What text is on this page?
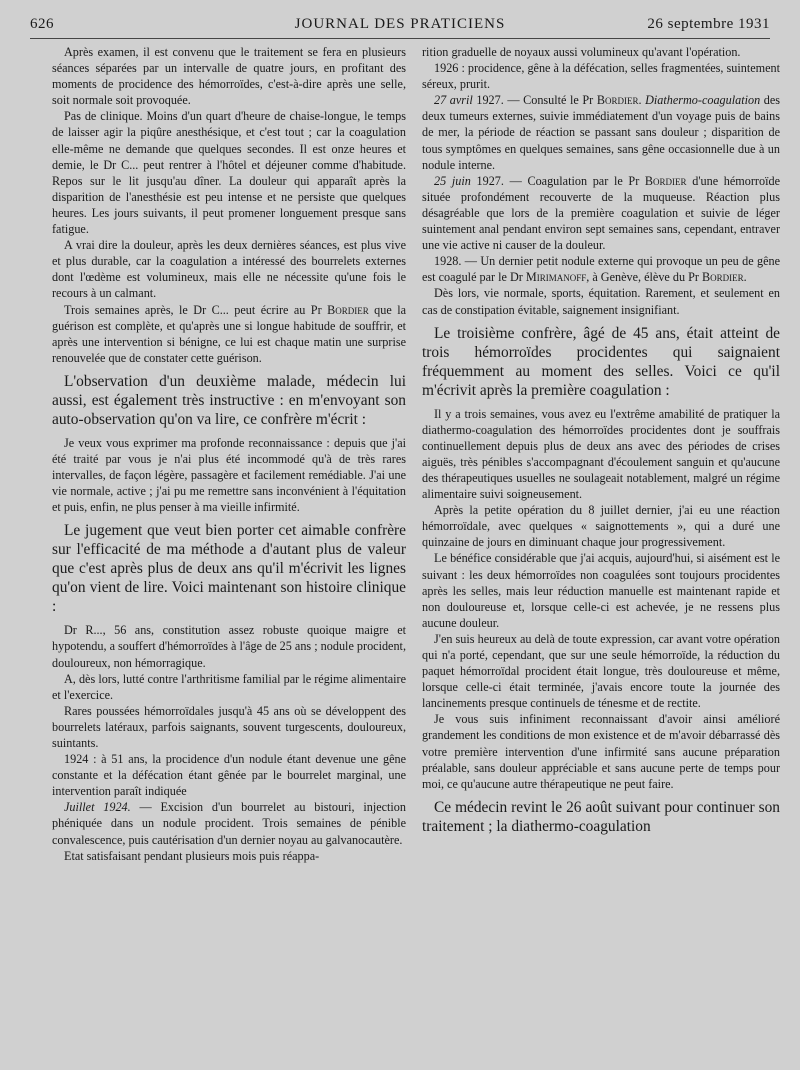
626	JOURNAL DES PRATICIENS	26 septembre 1931

Après examen, il est convenu que le traitement se fera en plusieurs séances séparées par un intervalle de quatre jours, en profitant des moments de procidence des hémorroïdes, c'est-à-dire après une selle, soit normale soit provoquée.

Pas de clinique. Moins d'un quart d'heure de chaise-longue, le temps de laisser agir la piqûre anesthésique, et c'est tout ; car la coagulation elle-même ne demande que quelques secondes. Il est onze heures et demie, le Dr C... peut rentrer à l'hôtel et déjeuner comme d'habitude. Repos sur le lit jusqu'au dîner. La douleur qui apparaît après la disparition de l'anesthésie est peu intense et ne persiste que quelques heures. Les jours suivants, il peut promener longuement presque sans fatigue.

A vrai dire la douleur, après les deux dernières séances, est plus vive et plus durable, car la coagulation a intéressé des bourrelets externes dont l'œdème est volumineux, mais elle ne nécessite qu'une fois le recours à un calmant.

Trois semaines après, le Dr C... peut écrire au Pr Bordier que la guérison est complète, et qu'après une si longue habitude de souffrir, et après une intervention si bénigne, ce lui est chaque matin une surprise renouvelée que de constater cette guérison.

L'observation d'un deuxième malade, médecin lui aussi, est également très instructive : en m'envoyant son auto-observation qu'on va lire, ce confrère m'écrit :

Je veux vous exprimer ma profonde reconnaissance : depuis que j'ai été traité par vous je n'ai plus été incommodé qu'à de très rares intervalles, de façon légère, passagère et facilement remédiable. J'ai une vie normale, active ; j'ai pu me remettre sans inconvénient à l'équitation et puis, enfin, ne plus penser à ma vieille infirmité.

Le jugement que veut bien porter cet aimable confrère sur l'efficacité de ma méthode a d'autant plus de valeur que c'est après plus de deux ans qu'il m'écrivit les lignes qu'on vient de lire. Voici maintenant son histoire clinique :

Dr R..., 56 ans, constitution assez robuste quoique maigre et hypotendu, a souffert d'hémorroïdes à l'âge de 25 ans ; nodule procident, douloureux, non hémorragique.

A, dès lors, lutté contre l'arthritisme familial par le régime alimentaire et l'exercice.

Rares poussées hémorroïdales jusqu'à 45 ans où se développent des bourrelets latéraux, parfois saignants, souvent turgescents, douloureux, suintants.

1924 : à 51 ans, la procidence d'un nodule étant devenue une gêne constante et la défécation étant gênée par le bourrelet marginal, une intervention paraît indiquée

Juillet 1924. — Excision d'un bourrelet au bistouri, injection phéniquée dans un nodule procident. Trois semaines de pénible convalescence, puis cautérisation d'un dernier noyau au galvanocautère.

Etat satisfaisant pendant plusieurs mois puis réappa-

rition graduelle de noyaux aussi volumineux qu'avant l'opération.

1926 : procidence, gêne à la défécation, selles fragmentées, suintement séreux, prurit.

27 avril 1927. — Consulté le Pr Bordier. Diathermo-coagulation des deux tumeurs externes, suivie immédiatement d'un voyage puis de bains de mer, la période de réaction se passant sans douleur ; disparition de tous symptômes en quelques semaines, sans gêne occasionnelle due à un nodule interne.

25 juin 1927. — Coagulation par le Pr Bordier d'une hémorroïde située profondément recouverte de la muqueuse. Réaction plus désagréable que lors de la première coagulation et suivie de léger suintement anal pendant environ sept semaines sans, cependant, entraver une vie active ni causer de la douleur.

1928. — Un dernier petit nodule externe qui provoque un peu de gêne est coagulé par le Dr Mirimanoff, à Genève, élève du Pr Bordier.

Dès lors, vie normale, sports, équitation. Rarement, et seulement en cas de constipation évitable, saignement insignifiant.

Le troisième confrère, âgé de 45 ans, était atteint de trois hémorroïdes procidentes qui saignaient fréquemment au moment des selles. Voici ce qu'il m'écrivit après la première coagulation :

Il y a trois semaines, vous avez eu l'extrême amabilité de pratiquer la diathermo-coagulation des hémorroïdes procidentes dont je souffrais continuellement depuis plus de deux ans avec des périodes de crises aiguës, très pénibles s'accompagnant d'écoulement sanguin et qu'aucune des thérapeutiques usuelles ne soulageait notablement, malgré un régime alimentaire suivi soigneusement.

Après la petite opération du 8 juillet dernier, j'ai eu une réaction hémorroïdale, avec quelques « saignottements », qui a duré une quinzaine de jours en diminuant chaque jour progressivement.

Le bénéfice considérable que j'ai acquis, aujourd'hui, si aisément est le suivant : les deux hémorroïdes non coagulées sont toujours procidentes après les selles, mais leur réduction manuelle est maintenant rapide et non douloureuse et, lorsque celle-ci est achevée, je ne ressens plus aucune douleur.

J'en suis heureux au delà de toute expression, car avant votre opération qui n'a porté, cependant, que sur une seule hémorroïde, la réduction du paquet hémorroïdal procident était longue, très douloureuse et même, lorsque celle-ci était terminée, j'avais encore toute la journée des lancinements presque continuels de ténesme et de rectite.

Je vous suis infiniment reconnaissant d'avoir ainsi amélioré grandement les conditions de mon existence et de m'avoir débarrassé dès votre première intervention d'une infirmité sans aucune préparation préalable, sans douleur appréciable et sans aucune perte de temps pour moi, ce qu'aucune autre thérapeutique ne peut faire.

Ce médecin revint le 26 août suivant pour continuer son traitement ; la diathermo-coagulation
